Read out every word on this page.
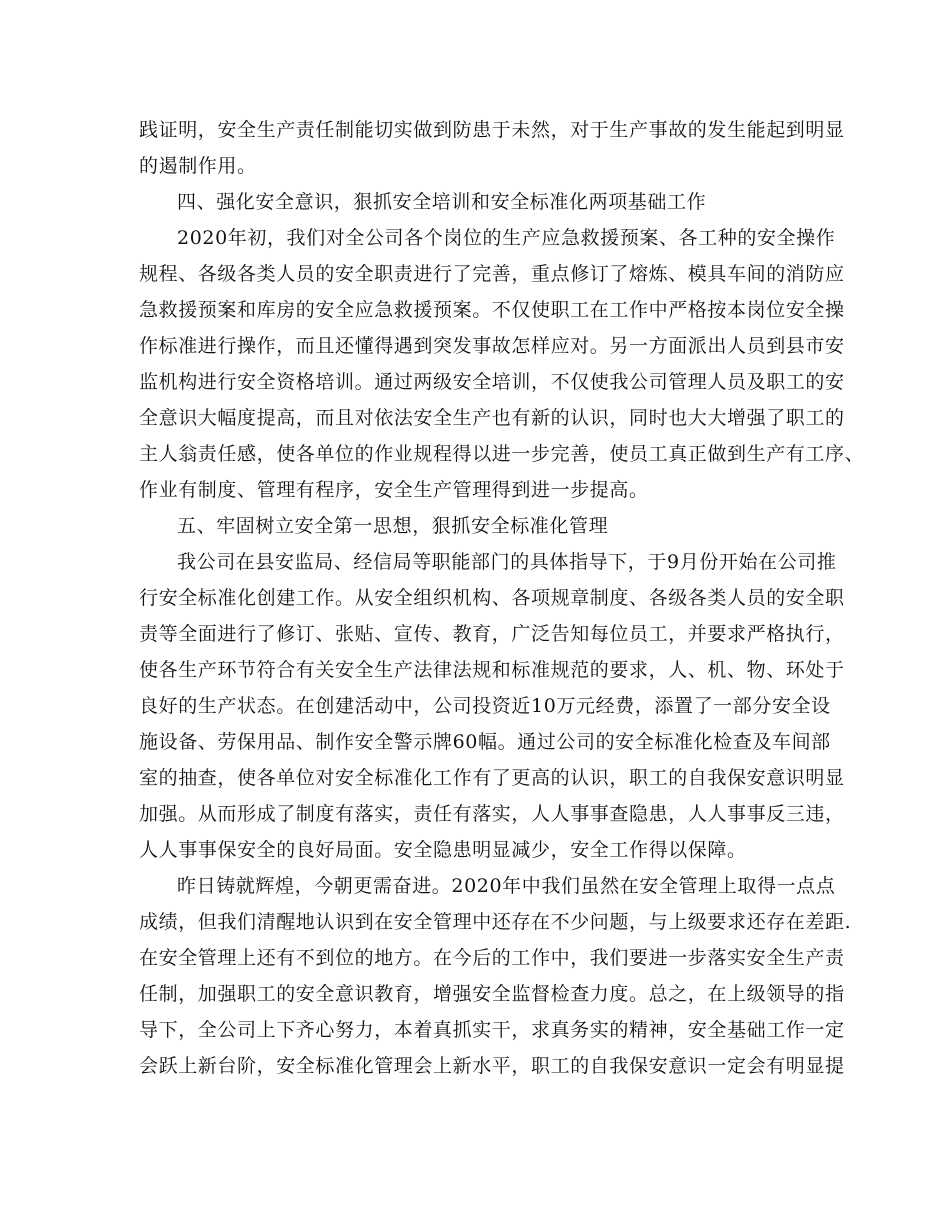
践证明，安全生产责任制能切实做到防患于未然，对于生产事故的发生能起到明显
的遏制作用。
四、强化安全意识，狠抓安全培训和安全标准化两项基础工作
2020年初，我们对全公司各个岗位的生产应急救援预案、各工种的安全操作
规程、各级各类人员的安全职责进行了完善，重点修订了熔炼、模具车间的消防应
急救援预案和库房的安全应急救援预案。不仅使职工在工作中严格按本岗位安全操
作标准进行操作，而且还懂得遇到突发事故怎样应对。另一方面派出人员到县市安
监机构进行安全资格培训。通过两级安全培训，不仅使我公司管理人员及职工的安
全意识大幅度提高，而且对依法安全生产也有新的认识，同时也大大增强了职工的
主人翁责任感，使各单位的作业规程得以进一步完善，使员工真正做到生产有工序、
作业有制度、管理有程序，安全生产管理得到进一步提高。
五、牢固树立安全第一思想，狠抓安全标准化管理
我公司在县安监局、经信局等职能部门的具体指导下，于9月份开始在公司推
行安全标准化创建工作。从安全组织机构、各项规章制度、各级各类人员的安全职
责等全面进行了修订、张贴、宣传、教育，广泛告知每位员工，并要求严格执行，
使各生产环节符合有关安全生产法律法规和标准规范的要求，人、机、物、环处于
良好的生产状态。在创建活动中，公司投资近10万元经费，添置了一部分安全设
施设备、劳保用品、制作安全警示牌60幅。通过公司的安全标准化检查及车间部
室的抽查，使各单位对安全标准化工作有了更高的认识，职工的自我保安意识明显
加强。从而形成了制度有落实，责任有落实，人人事事查隐患，人人事事反三违，
人人事事保安全的良好局面。安全隐患明显减少，安全工作得以保障。
昨日铸就辉煌，今朝更需奋进。2020年中我们虽然在安全管理上取得一点点
成绩，但我们清醒地认识到在安全管理中还存在不少问题，与上级要求还存在差距.
在安全管理上还有不到位的地方。在今后的工作中，我们要进一步落实安全生产责
任制，加强职工的安全意识教育，增强安全监督检查力度。总之，在上级领导的指
导下，全公司上下齐心努力，本着真抓实干，求真务实的精神，安全基础工作一定
会跃上新台阶，安全标准化管理会上新水平，职工的自我保安意识一定会有明显提
